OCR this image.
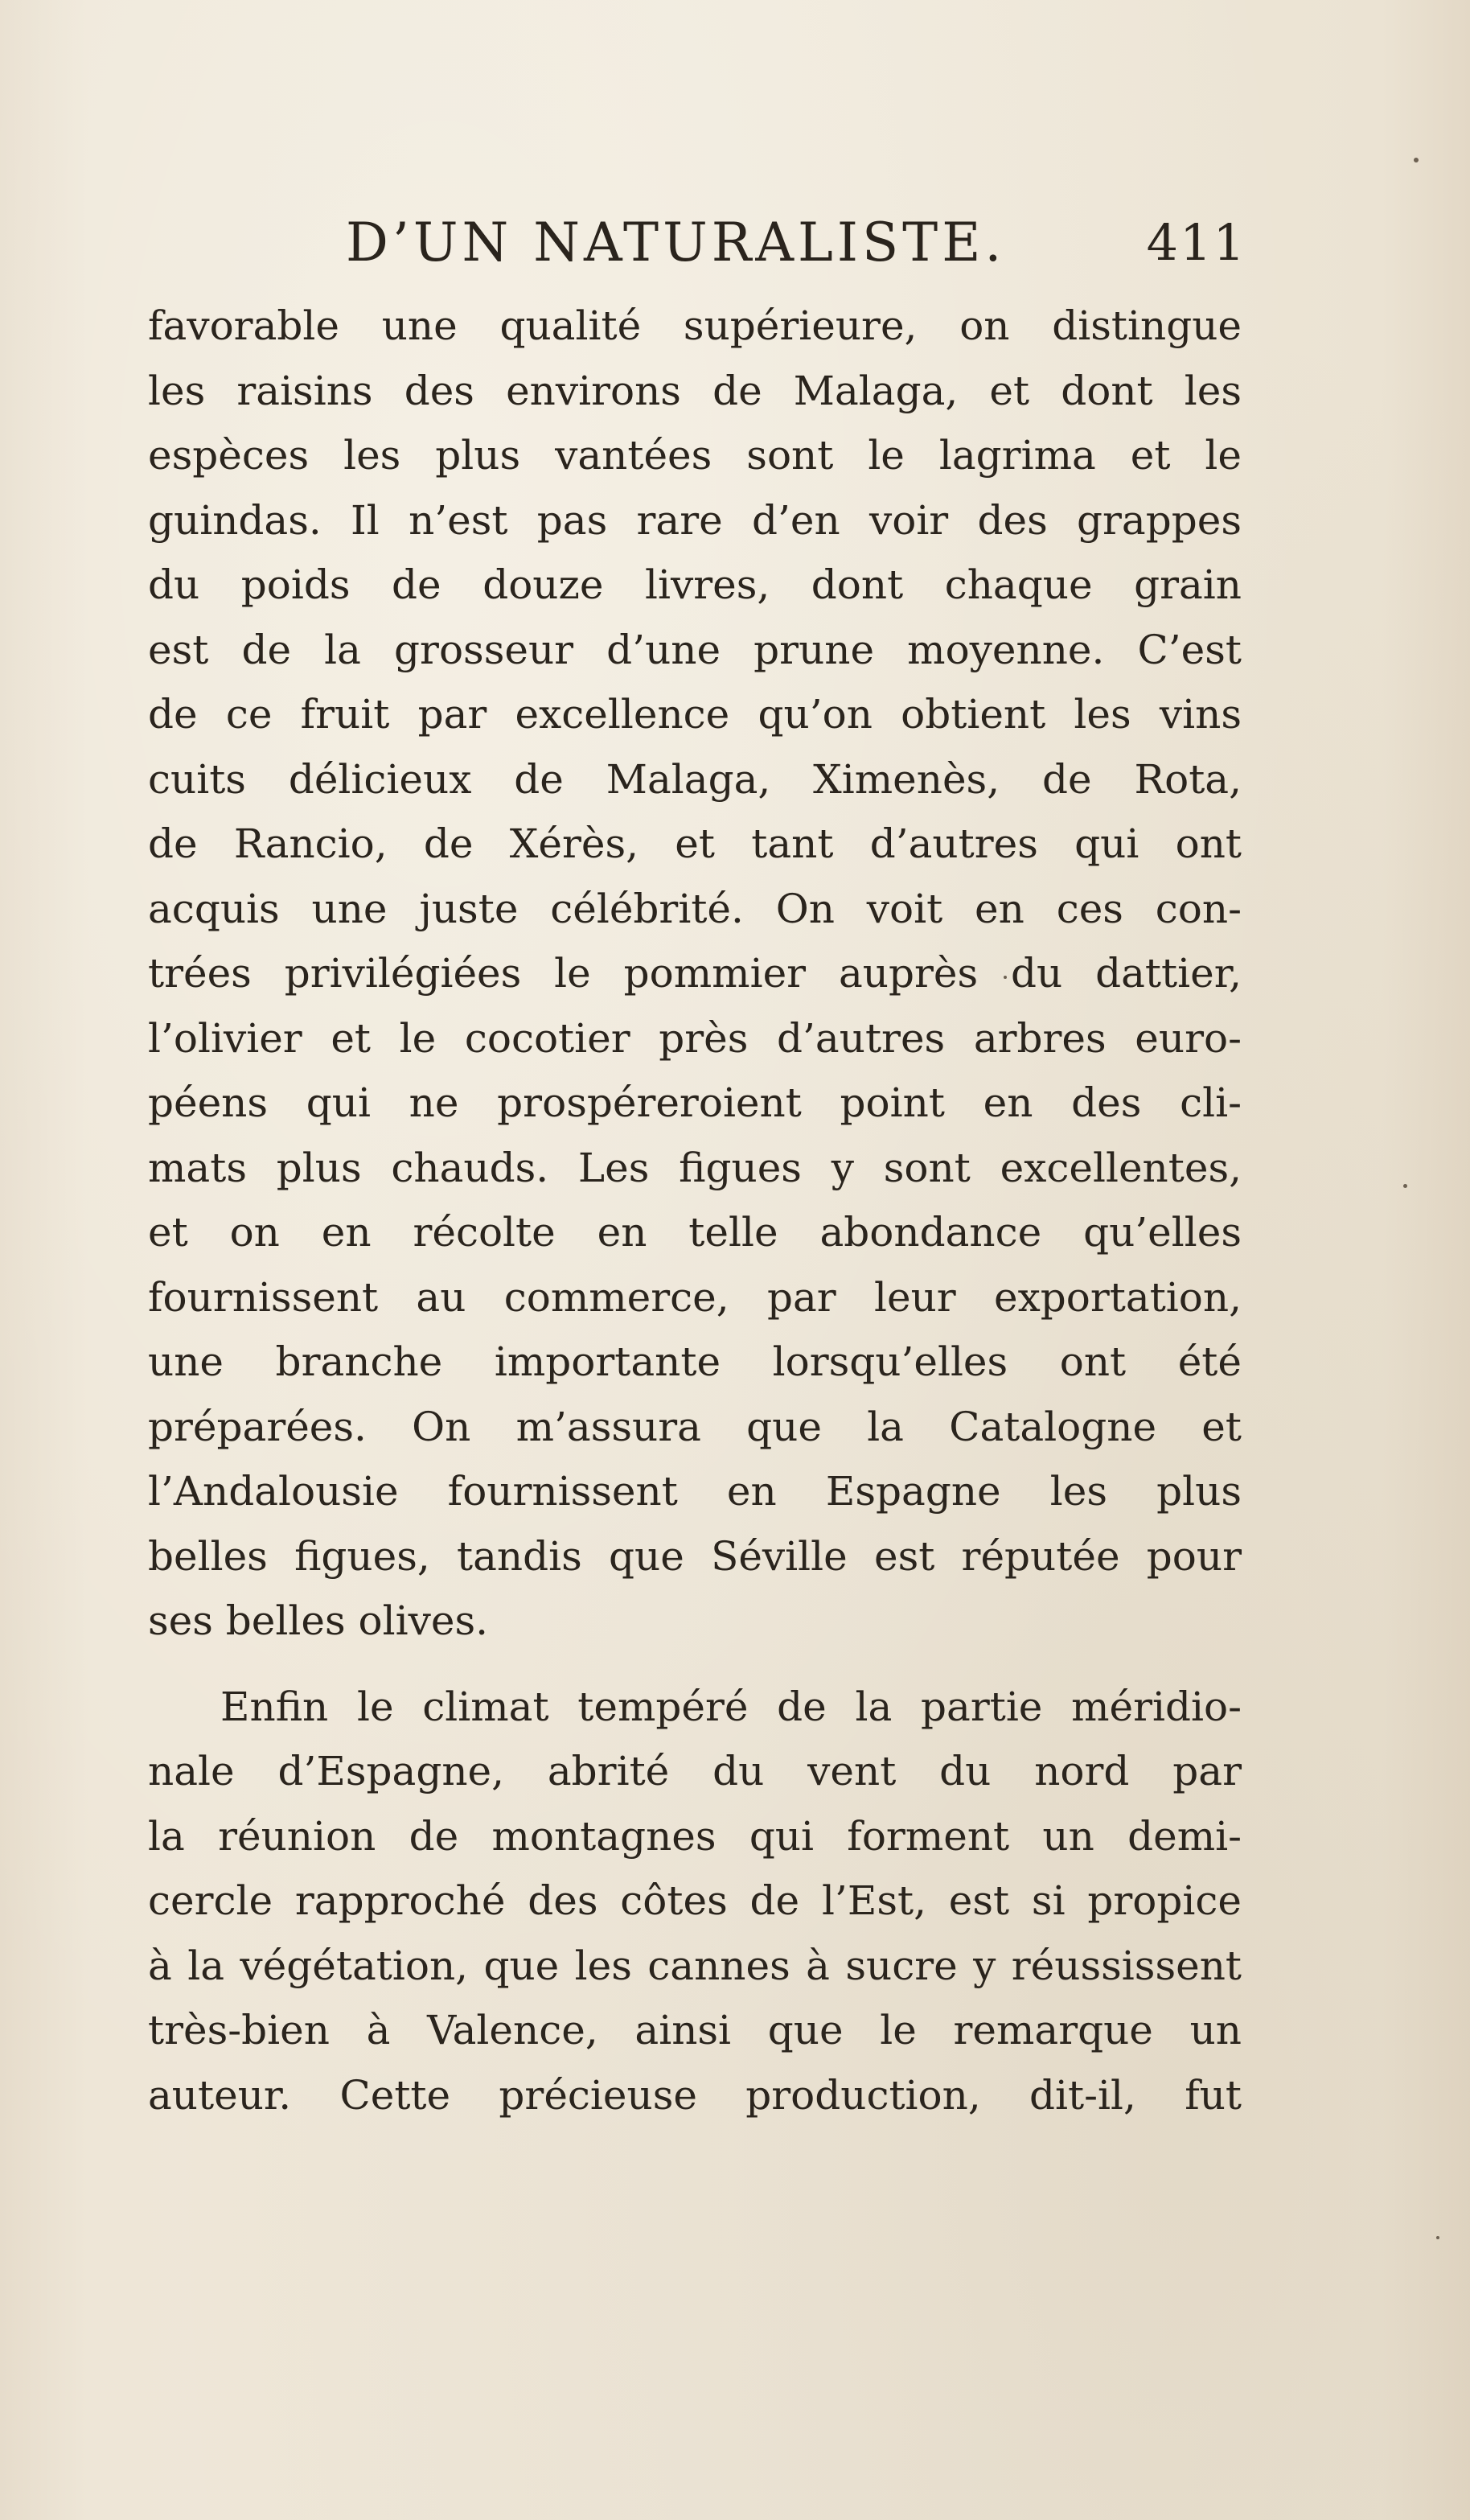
D’UN NATURALISTE.	411
favorable une qualité supérieure, on distingue
les raisins des environs de Malaga, et dont les
espèces les plus vantées sont le lagrima et le
guindas. Il n’est pas rare d’en voir des grappes
du poids de douze livres, dont chaque grain
est de la grosseur d’une prune moyenne. C’est
de ce fruit par excellence qu’on obtient les vins
cuits délicieux de Malaga, Ximenès, de Rota,
de Rancio, de Xérès, et tant d’autres qui ont
acquis une juste célébrité. On voit en ces con-
trées privilégiées le pommier auprès du dattier,
l’olivier et le cocotier près d’autres arbres euro-
péens qui ne prospéreroient point en des cli-
mats plus chauds. Les figues y sont excellentes,
et on en récolte en telle abondance qu’elles
fournissent au commerce, par leur exportation,
une branche importante lorsqu’elles ont été
préparées. On m’assura que la Catalogne et
l’Andalousie fournissent en Espagne les plus
belles figues, tandis que Séville est réputée pour
ses belles olives.
Enfin le climat tempéré de la partie méridio-
nale d’Espagne, abrité du vent du nord par
la réunion de montagnes qui forment un demi-
cercle rapproché des côtes de l’Est, est si propice
à la végétation, que les cannes à sucre y réussissent
très-bien à Valence, ainsi que le remarque un
auteur. Cette précieuse production, dit-il, fut
